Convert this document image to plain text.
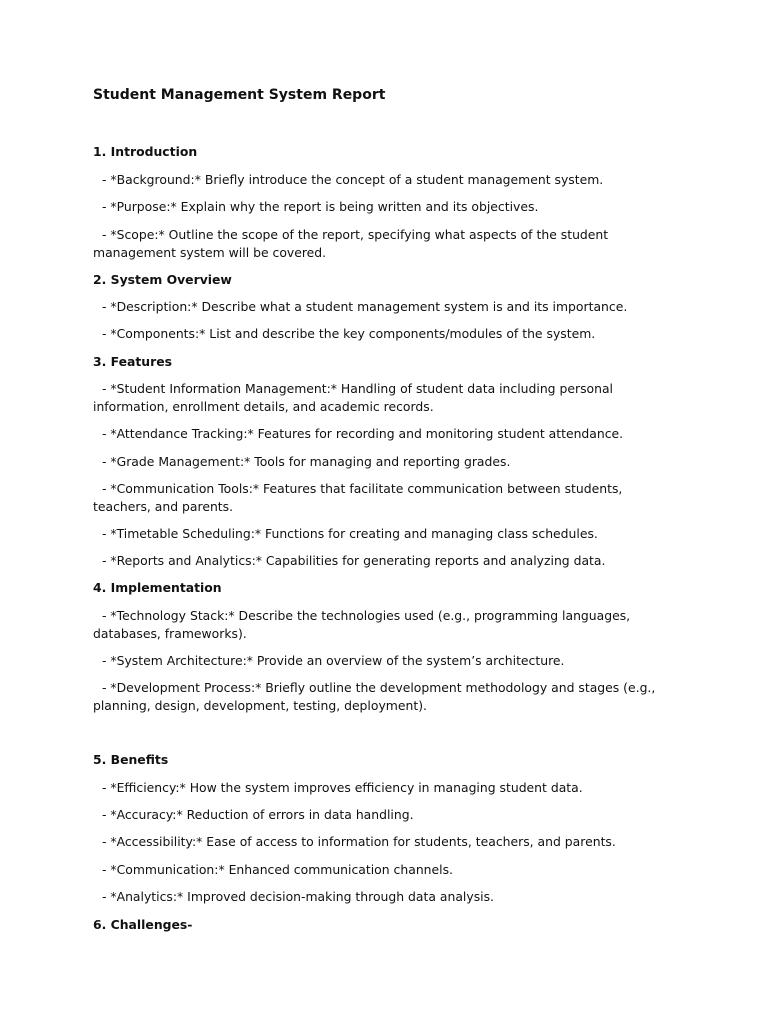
Student Management System Report
1. Introduction
- *Background:* Briefly introduce the concept of a student management system.
- *Purpose:* Explain why the report is being written and its objectives.
- *Scope:* Outline the scope of the report, specifying what aspects of the student management system will be covered.
2. System Overview
- *Description:* Describe what a student management system is and its importance.
- *Components:* List and describe the key components/modules of the system.
3. Features
- *Student Information Management:* Handling of student data including personal information, enrollment details, and academic records.
- *Attendance Tracking:* Features for recording and monitoring student attendance.
- *Grade Management:* Tools for managing and reporting grades.
- *Communication Tools:* Features that facilitate communication between students, teachers, and parents.
- *Timetable Scheduling:* Functions for creating and managing class schedules.
- *Reports and Analytics:* Capabilities for generating reports and analyzing data.
4. Implementation
- *Technology Stack:* Describe the technologies used (e.g., programming languages, databases, frameworks).
- *System Architecture:* Provide an overview of the system’s architecture.
- *Development Process:* Briefly outline the development methodology and stages (e.g., planning, design, development, testing, deployment).
5. Benefits
- *Efficiency:* How the system improves efficiency in managing student data.
- *Accuracy:* Reduction of errors in data handling.
- *Accessibility:* Ease of access to information for students, teachers, and parents.
- *Communication:* Enhanced communication channels.
- *Analytics:* Improved decision-making through data analysis.
6. Challenges-
